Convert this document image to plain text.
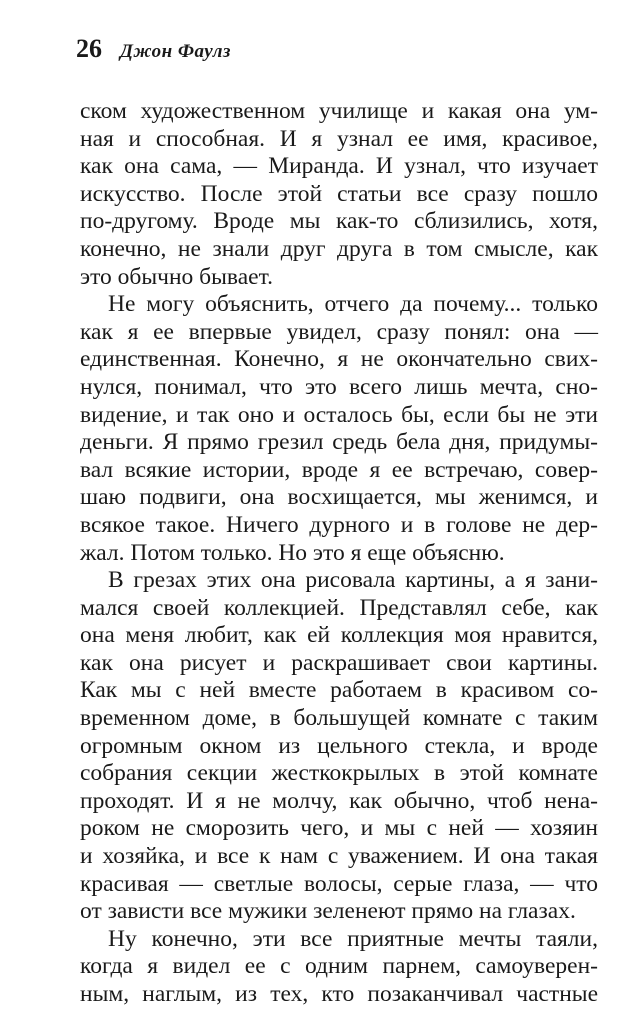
26 Джон Фаулз
ском художественном училище и какая она ум-
ная и способная. И я узнал ее имя, красивое,
как она сама, — Миранда. И узнал, что изучает
искусство. После этой статьи все сразу пошло
по-другому. Вроде мы как-то сблизились, хотя,
конечно, не знали друг друга в том смысле, как
это обычно бывает.
Не могу объяснить, отчего да почему... только
как я ее впервые увидел, сразу понял: она —
единственная. Конечно, я не окончательно свих-
нулся, понимал, что это всего лишь мечта, сно-
видение, и так оно и осталось бы, если бы не эти
деньги. Я прямо грезил средь бела дня, придумы-
вал всякие истории, вроде я ее встречаю, совер-
шаю подвиги, она восхищается, мы женимся, и
всякое такое. Ничего дурного и в голове не дер-
жал. Потом только. Но это я еще объясню.
В грезах этих она рисовала картины, а я зани-
мался своей коллекцией. Представлял себе, как
она меня любит, как ей коллекция моя нравится,
как она рисует и раскрашивает свои картины.
Как мы с ней вместе работаем в красивом со-
временном доме, в большущей комнате с таким
огромным окном из цельного стекла, и вроде
собрания секции жесткокрылых в этой комнате
проходят. И я не молчу, как обычно, чтоб нена-
роком не сморозить чего, и мы с ней — хозяин
и хозяйка, и все к нам с уважением. И она такая
красивая — светлые волосы, серые глаза, — что
от зависти все мужики зеленеют прямо на глазах.
Ну конечно, эти все приятные мечты таяли,
когда я видел ее с одним парнем, самоуверен-
ным, наглым, из тех, кто позаканчивал частные
